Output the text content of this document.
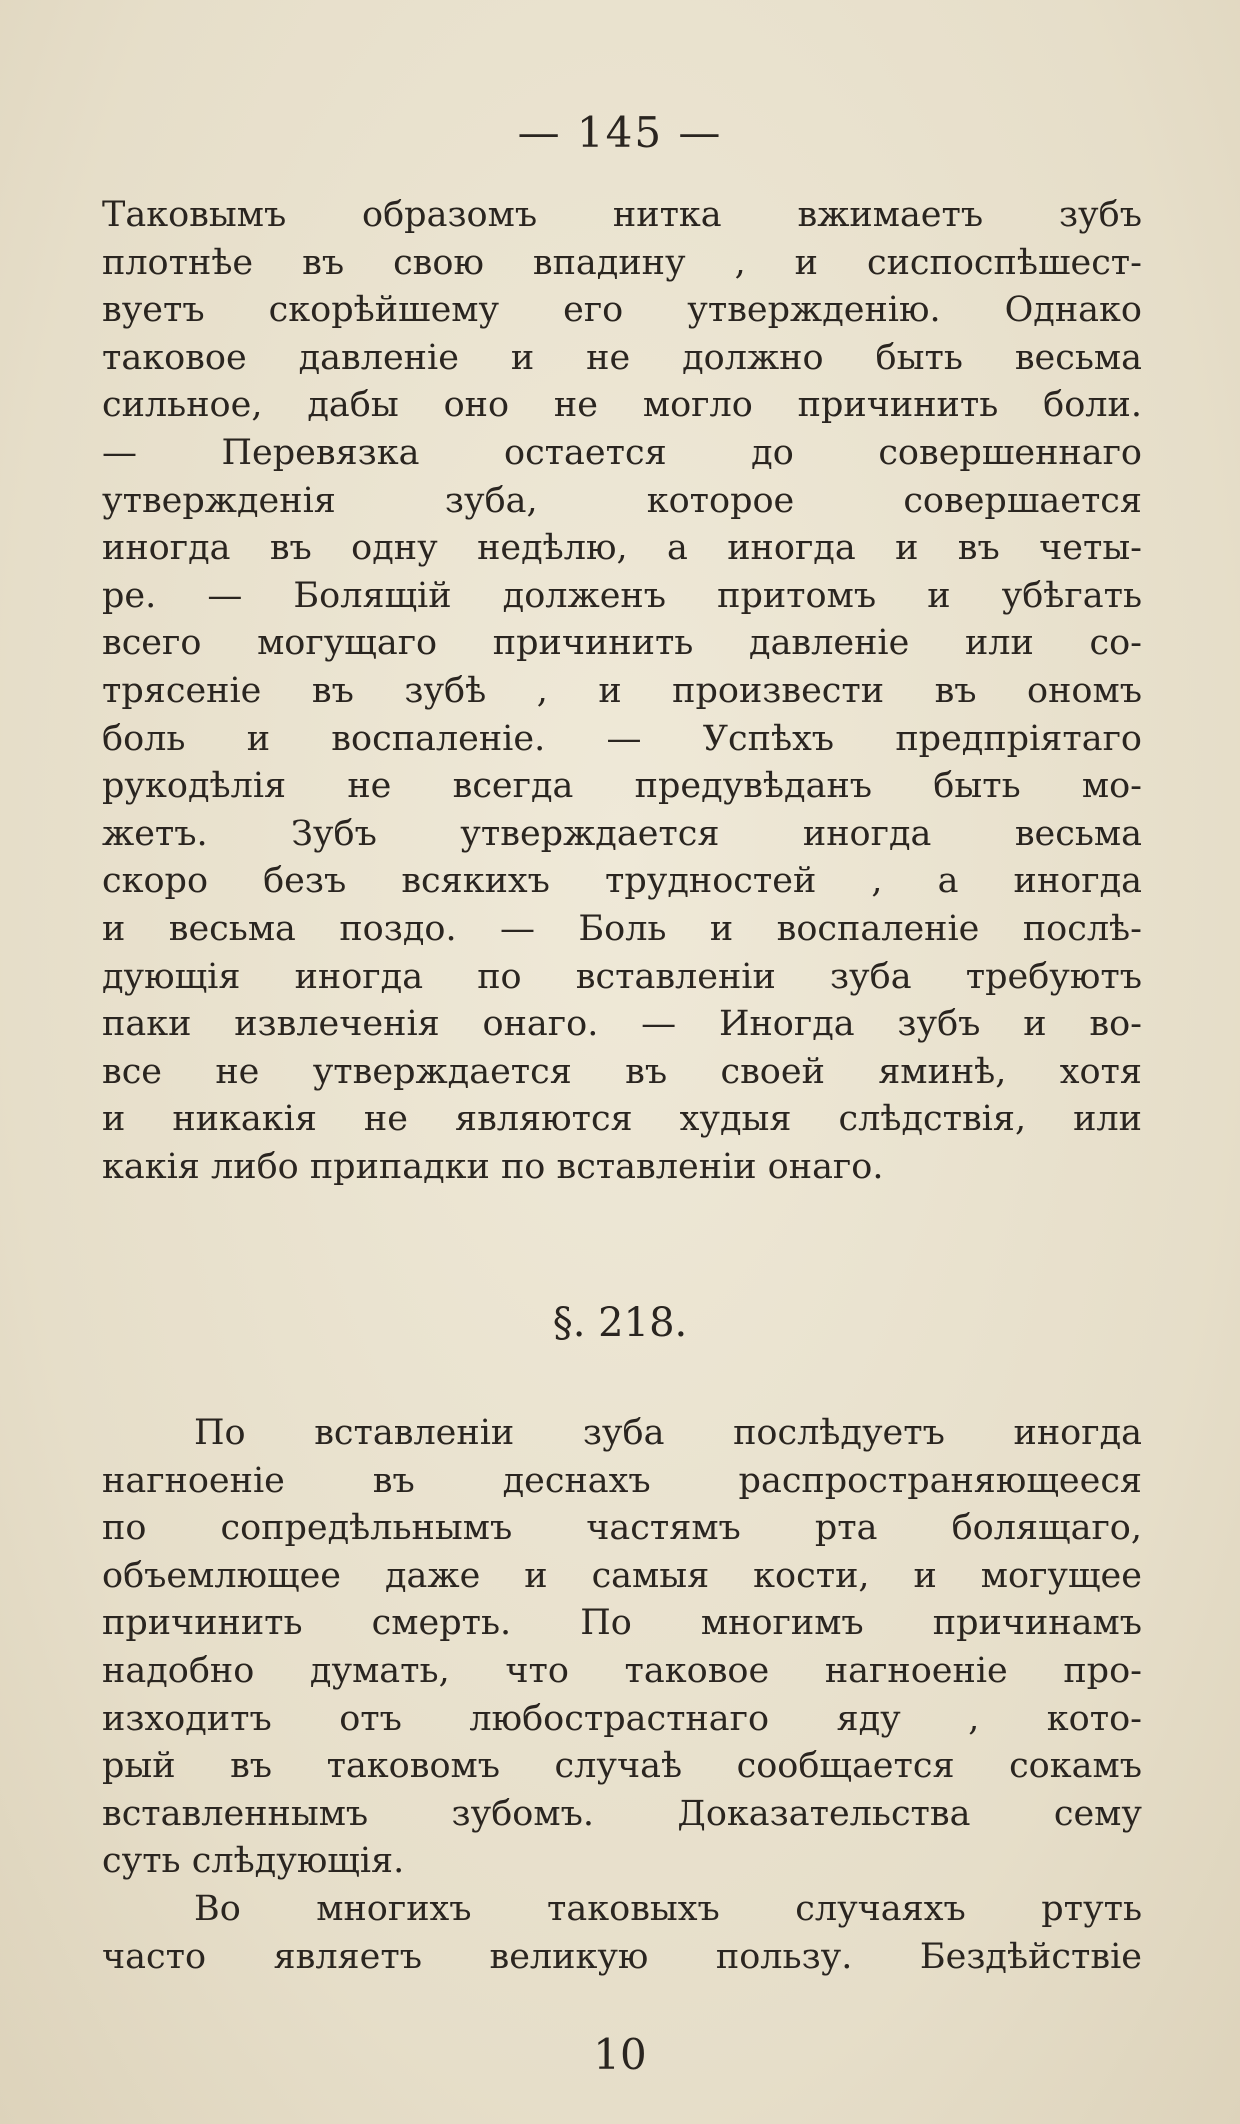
— 145 —
Таковымъ образомъ нитка вжимаетъ зубъ
плотнѣе въ свою впадину , и сиспоспѣшест-
вуетъ скорѣйшему его утвержденiю. Однако
таковое давленiе и не должно быть весьма
сильное, дабы оно не могло причинить боли.
— Перевязка остается до совершеннаго
утвержденiя зуба, которое совершается
иногда въ одну недѣлю, а иногда и въ четы-
ре. — Болящiй долженъ притомъ и убѣгать
всего могущаго причинить давленiе или со-
трясенiе въ зубѣ , и произвести въ ономъ
боль и воспаленiе. — Успѣхъ предпрiятаго
рукодѣлiя не всегда предувѣданъ быть мо-
жетъ. Зубъ утверждается иногда весьма
скоро безъ всякихъ трудностей , а иногда
и весьма поздо. — Боль и воспаленiе послѣ-
дующiя иногда по вставленiи зуба требуютъ
паки извлеченiя онаго. — Иногда зубъ и во-
все не утверждается въ своей яминѣ, хотя
и никакiя не являются худыя слѣдствiя, или
какiя либо припадки по вставленiи онаго.
§. 218.
По вставленiи зуба послѣдуетъ иногда
нагноенiе въ деснахъ распространяющееся
по сопредѣльнымъ частямъ рта болящаго,
объемлющее даже и самыя кости, и могущее
причинить смерть. По многимъ причинамъ
надобно думать, что таковое нагноенiе про-
изходитъ отъ любострастнаго яду , кото-
рый въ таковомъ случаѣ сообщается сокамъ
вставленнымъ зубомъ. Доказательства сему
суть слѣдующiя.
Во многихъ таковыхъ случаяхъ ртуть
часто являетъ великую пользу. Бездѣйствiе
10
